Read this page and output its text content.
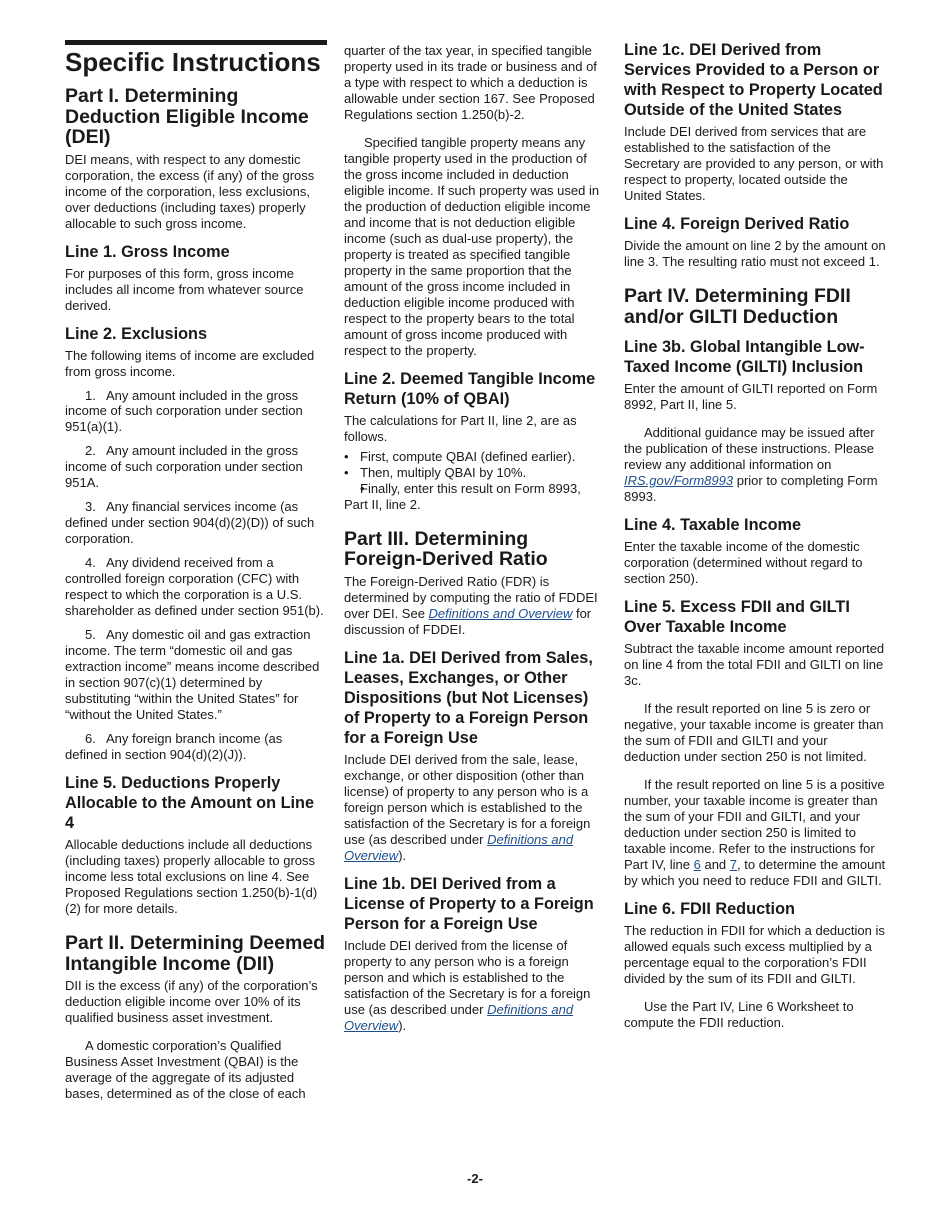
Specific Instructions
Part I. Determining Deduction Eligible Income (DEI)

DEI means, with respect to any domestic corporation, the excess (if any) of the gross income of the corporation, less exclusions, over deductions (including taxes) properly allocable to such gross income.

Line 1. Gross Income

For purposes of this form, gross income includes all income from whatever source derived.

Line 2. Exclusions

The following items of income are excluded from gross income.

1.   Any amount included in the gross income of such corporation under section 951(a)(1).

2.   Any amount included in the gross income of such corporation under section 951A.

3.   Any financial services income (as defined under section 904(d)(2)(D)) of such corporation.

4.   Any dividend received from a controlled foreign corporation (CFC) with respect to which the corporation is a U.S. shareholder as defined under section 951(b).

5.   Any domestic oil and gas extraction income. The term “domestic oil and gas extraction income” means income described in section 907(c)(1) determined by substituting “within the United States” for “without the United States.”

6.   Any foreign branch income (as defined in section 904(d)(2)(J)).

Line 5. Deductions Properly Allocable to the Amount on Line 4

Allocable deductions include all deductions (including taxes) properly allocable to gross income less total exclusions on line 4. See Proposed Regulations section 1.250(b)-1(d)(2) for more details.

Part II. Determining Deemed Intangible Income (DII)

DII is the excess (if any) of the corporation’s deduction eligible income over 10% of its qualified business asset investment.

A domestic corporation’s Qualified Business Asset Investment (QBAI) is the average of the aggregate of its adjusted bases, determined as of the close of each

quarter of the tax year, in specified tangible property used in its trade or business and of a type with respect to which a deduction is allowable under section 167. See Proposed Regulations section 1.250(b)-2.

Specified tangible property means any tangible property used in the production of the gross income included in deduction eligible income. If such property was used in the production of deduction eligible income and income that is not deduction eligible income (such as dual-use property), the property is treated as specified tangible property in the same proportion that the amount of the gross income included in deduction eligible income produced with respect to the property bears to the total amount of gross income produced with respect to the property.

Line 2. Deemed Tangible Income Return (10% of QBAI)

The calculations for Part II, line 2, are as follows.

• First, compute QBAI (defined earlier).
• Then, multiply QBAI by 10%.
• Finally, enter this result on Form 8993, Part II, line 2.
Part III. Determining Foreign-Derived Ratio

The Foreign-Derived Ratio (FDR) is determined by computing the ratio of FDDEI over DEI. See Definitions and Overview for discussion of FDDEI.

Line 1a. DEI Derived from Sales, Leases, Exchanges, or Other Dispositions (but Not Licenses) of Property to a Foreign Person for a Foreign Use

Include DEI derived from the sale, lease, exchange, or other disposition (other than license) of property to any person who is a foreign person which is established to the satisfaction of the Secretary is for a foreign use (as described under Definitions and Overview).

Line 1b. DEI Derived from a License of Property to a Foreign Person for a Foreign Use

Include DEI derived from the license of property to any person who is a foreign person and which is established to the satisfaction of the Secretary is for a foreign use (as described under Definitions and Overview).

Line 1c. DEI Derived from Services Provided to a Person or with Respect to Property Located Outside of the United States

Include DEI derived from services that are established to the satisfaction of the Secretary are provided to any person, or with respect to property, located outside the United States.

Line 4. Foreign Derived Ratio

Divide the amount on line 2 by the amount on line 3. The resulting ratio must not exceed 1.

Part IV. Determining FDII and/or GILTI Deduction
Line 3b. Global Intangible Low-Taxed Income (GILTI) Inclusion

Enter the amount of GILTI reported on Form 8992, Part II, line 5.

Additional guidance may be issued after the publication of these instructions. Please review any additional information on IRS.gov/Form8993 prior to completing Form 8993.

Line 4. Taxable Income

Enter the taxable income of the domestic corporation (determined without regard to section 250).

Line 5. Excess FDII and GILTI Over Taxable Income

Subtract the taxable income amount reported on line 4 from the total FDII and GILTI on line 3c.

If the result reported on line 5 is zero or negative, your taxable income is greater than the sum of FDII and GILTI and your deduction under section 250 is not limited.

If the result reported on line 5 is a positive number, your taxable income is greater than the sum of your FDII and GILTI, and your deduction under section 250 is limited to taxable income. Refer to the instructions for Part IV, line 6 and 7, to determine the amount by which you need to reduce FDII and GILTI.

Line 6. FDII Reduction

The reduction in FDII for which a deduction is allowed equals such excess multiplied by a percentage equal to the corporation’s FDII divided by the sum of its FDII and GILTI.

Use the Part IV, Line 6 Worksheet to compute the FDII reduction.

-2-
